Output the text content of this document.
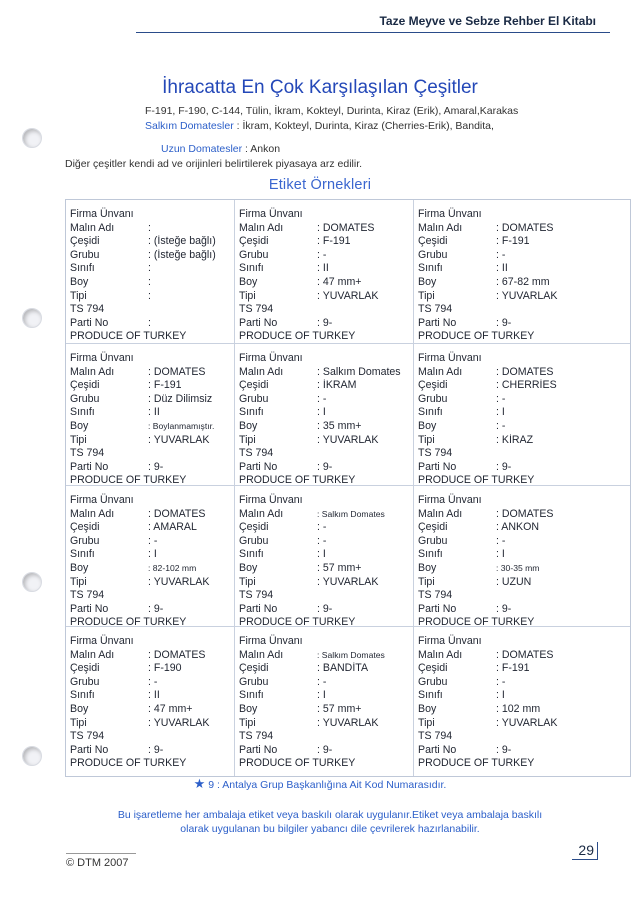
Taze Meyve ve Sebze Rehber El Kitabı
İhracatta En Çok Karşılaşılan Çeşitler

F-191, F-190, C-144, Tülin, İkram, Kokteyl, Durinta, Kiraz (Erik), Amaral,Karakas

Salkım Domatesler : İkram, Kokteyl, Durinta, Kiraz (Cherries-Erik), Bandita,

Uzun Domatesler : Ankon

Diğer çeşitler kendi ad ve orijinleri belirtilerek piyasaya arz edilir.

Etiket Örnekleri
Firma Ünvanı
Malın Adı	:
Çeşidi	: (İsteğe bağlı)
Grubu	: (İsteğe bağlı)
Sınıfı	:
Boy	:
Tipi	:
TS 794
Parti No	:
PRODUCE OF TURKEY
Firma Ünvanı
Malın Adı	: DOMATES
Çeşidi	: F-191
Grubu	: -
Sınıfı	: II
Boy	: 47 mm+
Tipi	: YUVARLAK
TS 794
Parti No	: 9-
PRODUCE OF TURKEY
Firma Ünvanı
Malın Adı	: DOMATES
Çeşidi	: F-191
Grubu	: -
Sınıfı	: II
Boy	: 67-82 mm
Tipi	: YUVARLAK
TS 794
Parti No	: 9-
PRODUCE OF TURKEY
Firma Ünvanı
Malın Adı	: DOMATES
Çeşidi	: F-191
Grubu	: Düz Dilimsiz
Sınıfı	: II
Boy	: Boylanmamıştır.
Tipi	: YUVARLAK
TS 794
Parti No	: 9-
PRODUCE OF TURKEY
Firma Ünvanı
Malın Adı	: Salkım Domates
Çeşidi	: İKRAM
Grubu	: -
Sınıfı	: I
Boy	: 35 mm+
Tipi	: YUVARLAK
TS 794
Parti No	: 9-
PRODUCE OF TURKEY
Firma Ünvanı
Malın Adı	: DOMATES
Çeşidi	: CHERRİES
Grubu	: -
Sınıfı	: I
Boy	: -
Tipi	: KİRAZ
TS 794
Parti No	: 9-
PRODUCE OF TURKEY
Firma Ünvanı
Malın Adı	: DOMATES
Çeşidi	: AMARAL
Grubu	: -
Sınıfı	: I
Boy	: 82-102 mm
Tipi	: YUVARLAK
TS 794
Parti No	: 9-
PRODUCE OF TURKEY
Firma Ünvanı
Malın Adı	: Salkım Domates
Çeşidi	: -
Grubu	: -
Sınıfı	: I
Boy	: 57 mm+
Tipi	: YUVARLAK
TS 794
Parti No	: 9-
PRODUCE OF TURKEY
Firma Ünvanı
Malın Adı	: DOMATES
Çeşidi	: ANKON
Grubu	: -
Sınıfı	: I
Boy	: 30-35 mm
Tipi	: UZUN
TS 794
Parti No	: 9-
PRODUCE OF TURKEY
Firma Ünvanı
Malın Adı	: DOMATES
Çeşidi	: F-190
Grubu	: -
Sınıfı	: II
Boy	: 47 mm+
Tipi	: YUVARLAK
TS 794
Parti No	: 9-
PRODUCE OF TURKEY
Firma Ünvanı
Malın Adı	: Salkım Domates
Çeşidi	: BANDİTA
Grubu	: -
Sınıfı	: I
Boy	: 57 mm+
Tipi	: YUVARLAK
TS 794
Parti No	: 9-
PRODUCE OF TURKEY
Firma Ünvanı
Malın Adı	: DOMATES
Çeşidi	: F-191
Grubu	: -
Sınıfı	: I
Boy	: 102 mm
Tipi	: YUVARLAK
TS 794
Parti No	: 9-
PRODUCE OF TURKEY
★ 9 : Antalya Grup Başkanlığına Ait Kod Numarasıdır.

Bu işaretleme her ambalaja etiket veya baskılı olarak uygulanır.Etiket veya ambalaja baskılı

olarak uygulanan bu bilgiler yabancı dile çevrilerek hazırlanabilir.

© DTM 2007
29
